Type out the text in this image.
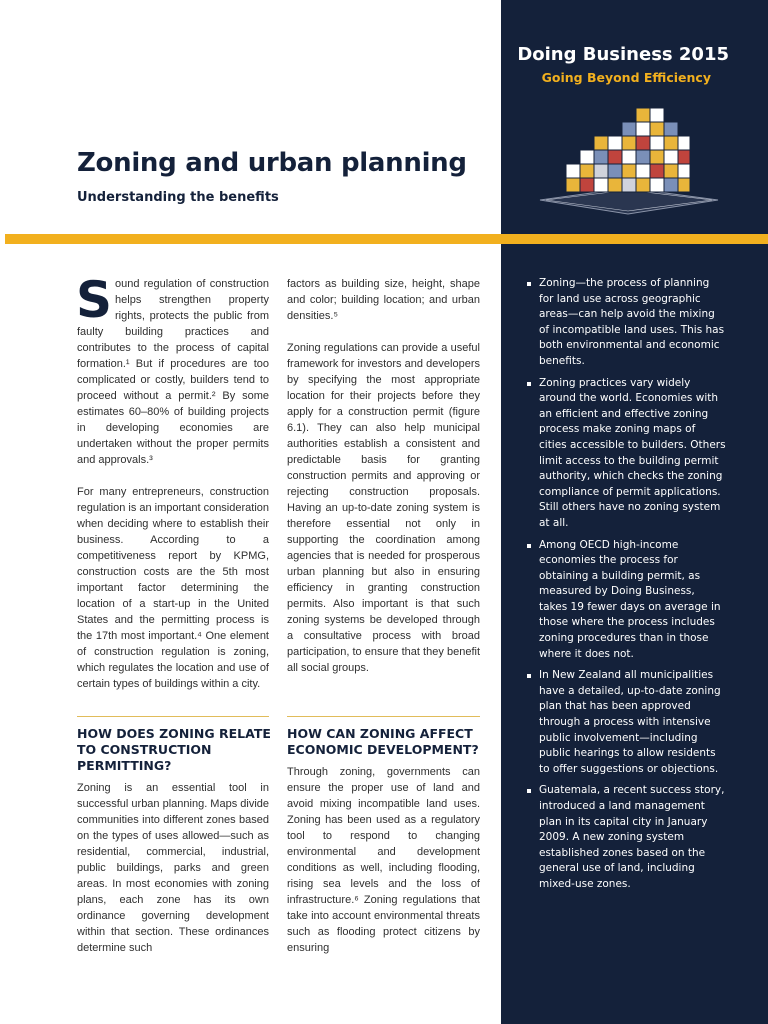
Doing Business 2015
Going Beyond Efficiency
Zoning and urban planning
Understanding the benefits

Sound regulation of construction helps strengthen property rights, protects the public from faulty building practices and contributes to the process of capital formation.¹ But if procedures are too complicated or costly, builders tend to proceed without a permit.² By some estimates 60–80% of building projects in developing economies are undertaken without the proper permits and approvals.³

For many entrepreneurs, construction regulation is an important consideration when deciding where to establish their business. According to a competitiveness report by KPMG, construction costs are the 5th most important factor determining the location of a start-up in the United States and the permitting process is the 17th most important.⁴ One element of construction regulation is zoning, which regulates the location and use of certain types of buildings within a city.

factors as building size, height, shape and color; building location; and urban densities.⁵

Zoning regulations can provide a useful framework for investors and developers by specifying the most appropriate location for their projects before they apply for a construction permit (figure 6.1). They can also help municipal authorities establish a consistent and predictable basis for granting construction permits and approving or rejecting construction proposals. Having an up-to-date zoning system is therefore essential not only in supporting the coordination among agencies that is needed for prosperous urban planning but also in ensuring efficiency in granting construction permits. Also important is that such zoning systems be developed through a consultative process with broad participation, to ensure that they benefit all social groups.

HOW DOES ZONING RELATE TO CONSTRUCTION PERMITTING?
HOW CAN ZONING AFFECT ECONOMIC DEVELOPMENT?

Zoning is an essential tool in successful urban planning. Maps divide communities into different zones based on the types of uses allowed—such as residential, commercial, industrial, public buildings, parks and green areas. In most economies with zoning plans, each zone has its own ordinance governing development within that section. These ordinances determine such

Through zoning, governments can ensure the proper use of land and avoid mixing incompatible land uses. Zoning has been used as a regulatory tool to respond to changing environmental and development conditions as well, including flooding, rising sea levels and the loss of infrastructure.⁶ Zoning regulations that take into account environmental threats such as flooding protect citizens by ensuring

Zoning—the process of planning for land use across geographic areas—can help avoid the mixing of incompatible land uses. This has both environmental and economic benefits.
Zoning practices vary widely around the world. Economies with an efficient and effective zoning process make zoning maps of cities accessible to builders. Others limit access to the building permit authority, which checks the zoning compliance of permit applications. Still others have no zoning system at all.
Among OECD high-income economies the process for obtaining a building permit, as measured by Doing Business, takes 19 fewer days on average in those where the process includes zoning procedures than in those where it does not.
In New Zealand all municipalities have a detailed, up-to-date zoning plan that has been approved through a process with intensive public involvement—including public hearings to allow residents to offer suggestions or objections.
Guatemala, a recent success story, introduced a land management plan in its capital city in January 2009. A new zoning system established zones based on the general use of land, including mixed-use zones.
